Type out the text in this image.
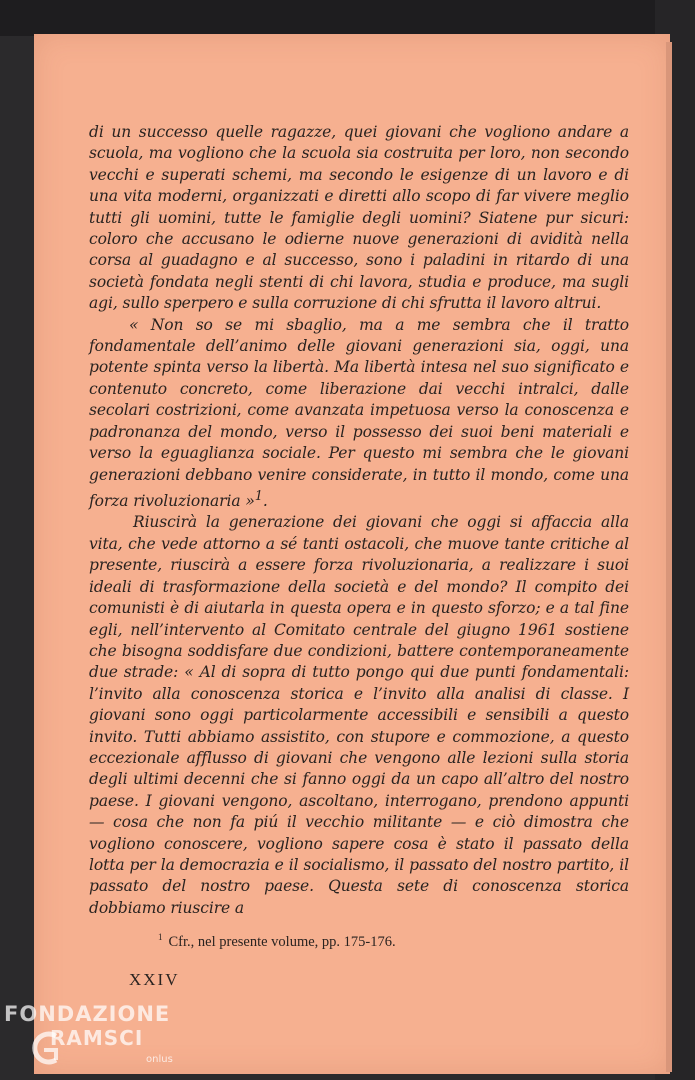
di un successo quelle ragazze, quei giovani che vogliono andare a scuola, ma vogliono che la scuola sia costruita per loro, non secondo vecchi e superati schemi, ma secondo le esigenze di un lavoro e di una vita moderni, organizzati e diretti allo scopo di far vivere meglio tutti gli uomini, tutte le famiglie degli uomini? Siatene pur sicuri: coloro che accusano le odierne nuove generazioni di avidità nella corsa al guadagno e al successo, sono i paladini in ritardo di una società fondata negli stenti di chi lavora, studia e produce, ma sugli agi, sullo sperpero e sulla corruzione di chi sfrutta il lavoro altrui.

« Non so se mi sbaglio, ma a me sembra che il tratto fondamentale dell’animo delle giovani generazioni sia, oggi, una potente spinta verso la libertà. Ma libertà intesa nel suo significato e contenuto concreto, come liberazione dai vecchi intralci, dalle secolari costrizioni, come avanzata impetuosa verso la conoscenza e padronanza del mondo, verso il possesso dei suoi beni materiali e verso la eguaglianza sociale. Per questo mi sembra che le giovani generazioni debbano venire considerate, in tutto il mondo, come una forza rivoluzionaria »$^1$.

Riuscirà la generazione dei giovani che oggi si affaccia alla vita, che vede attorno a sé tanti ostacoli, che muove tante critiche al presente, riuscirà a essere forza rivoluzionaria, a realizzare i suoi ideali di trasformazione della società e del mondo? Il compito dei comunisti è di aiutarla in questa opera e in questo sforzo; e a tal fine egli, nell’intervento al Comitato centrale del giugno 1961 sostiene che bisogna soddisfare due condizioni, battere contemporaneamente due strade: « Al di sopra di tutto pongo qui due punti fondamentali: l’invito alla conoscenza storica e l’invito alla analisi di classe. I giovani sono oggi particolarmente accessibili e sensibili a questo invito. Tutti abbiamo assistito, con stupore e commozione, a questo eccezionale afflusso di giovani che vengono alle lezioni sulla storia degli ultimi decenni che si fanno oggi da un capo all’altro del nostro paese. I giovani vengono, ascoltano, interrogano, prendono appunti — cosa che non fa piú il vecchio militante — e ciò dimostra che vogliono conoscere, vogliono sapere cosa è stato il passato della lotta per la democrazia e il socialismo, il passato del nostro partito, il passato del nostro paese. Questa sete di conoscenza storica dobbiamo riuscire a

$^1$ Cfr., nel presente volume, pp. 175-176.
XXIV
FONDAZIONE
RAMSCI
onlus
